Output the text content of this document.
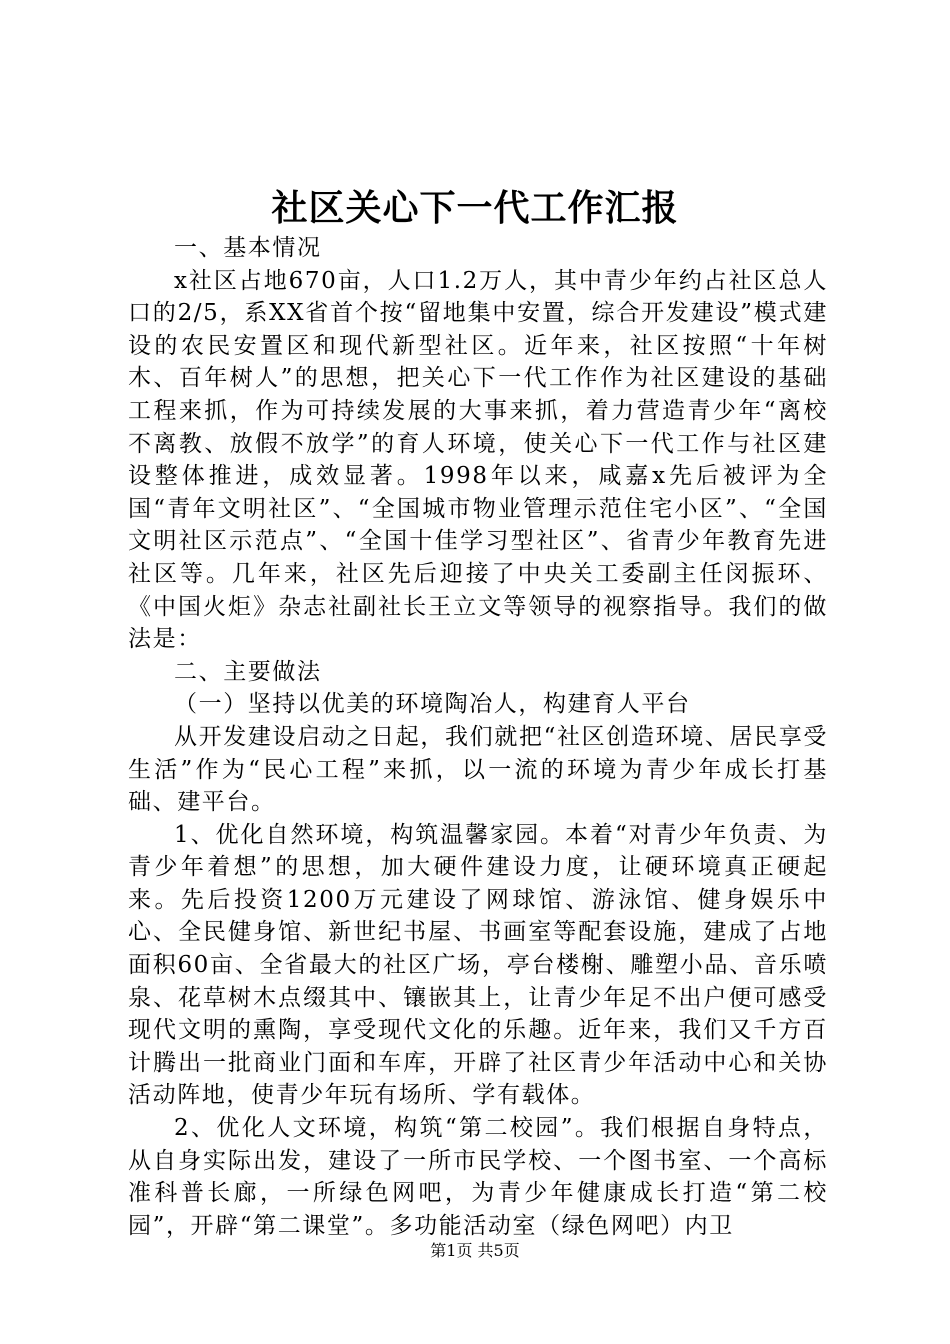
社区关心下一代工作汇报

一、基本情况

x社区占地670亩，人口1.2万人，其中青少年约占社区总人口的2/5，系XX省首个按“留地集中安置，综合开发建设”模式建设的农民安置区和现代新型社区。近年来，社区按照“十年树木、百年树人”的思想，把关心下一代工作作为社区建设的基础工程来抓，作为可持续发展的大事来抓，着力营造青少年“离校不离教、放假不放学”的育人环境，使关心下一代工作与社区建设整体推进，成效显著。1998年以来，咸嘉x先后被评为全国“青年文明社区”、“全国城市物业管理示范住宅小区”、“全国文明社区示范点”、“全国十佳学习型社区”、省青少年教育先进社区等。几年来，社区先后迎接了中央关工委副主任闵振环、《中国火炬》杂志社副社长王立文等领导的视察指导。我们的做法是：

二、主要做法

（一）坚持以优美的环境陶冶人，构建育人平台

从开发建设启动之日起，我们就把“社区创造环境、居民享受生活”作为“民心工程”来抓，以一流的环境为青少年成长打基础、建平台。

1、优化自然环境，构筑温馨家园。本着“对青少年负责、为青少年着想”的思想，加大硬件建设力度，让硬环境真正硬起来。先后投资1200万元建设了网球馆、游泳馆、健身娱乐中心、全民健身馆、新世纪书屋、书画室等配套设施，建成了占地面积60亩、全省最大的社区广场，亭台楼榭、雕塑小品、音乐喷泉、花草树木点缀其中、镶嵌其上，让青少年足不出户便可感受现代文明的熏陶，享受现代文化的乐趣。近年来，我们又千方百计腾出一批商业门面和车库，开辟了社区青少年活动中心和关协活动阵地，使青少年玩有场所、学有载体。

2、优化人文环境，构筑“第二校园”。我们根据自身特点，从自身实际出发，建设了一所市民学校、一个图书室、一个高标准科普长廊，一所绿色网吧，为青少年健康成长打造“第二校园”，开辟“第二课堂”。多功能活动室（绿色网吧）内卫

第1页 共5页
